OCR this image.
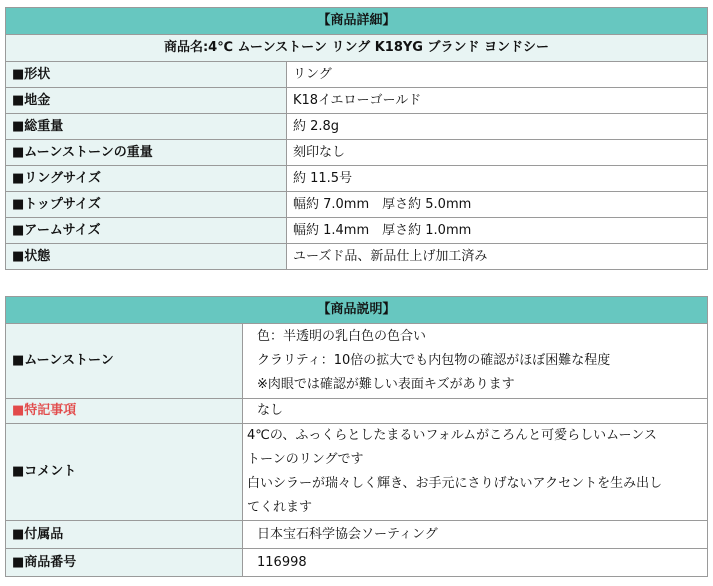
【商品詳細】	
商品名:4℃ ムーンストーン リング K18YG ブランド ヨンドシー	
■形状	リング
■地金	K18イエローゴールド
■総重量	約 2.8g
■ムーンストーンの重量	刻印なし
■リングサイズ	約 11.5号
■トップサイズ	幅約 7.0mm　厚さ約 5.0mm
■アームサイズ	幅約 1.4mm　厚さ約 1.0mm
■状態	ユーズド品、新品仕上げ加工済み
【商品説明】	
■ムーンストーン	色：半透明の乳白色の色合い
クラリティ：10倍の拡大でも内包物の確認がほぼ困難な程度
※肉眼では確認が難しい表面キズがあります

■特記事項	なし
■コメント	4℃の、ふっくらとしたまるいフォルムがころんと可愛らしいムーンス
トーンのリングです
白いシラーが瑞々しく輝き、お手元にさりげないアクセントを生み出し
てくれます

■付属品	日本宝石科学協会ソーティング
■商品番号	116998
